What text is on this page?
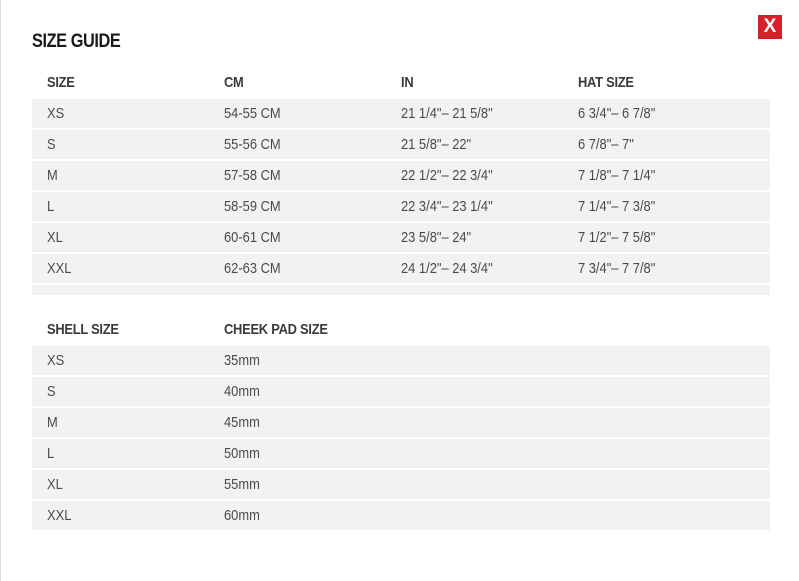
X
SIZE GUIDE
SIZE	CM	IN	HAT SIZE
XS	54-55 CM	21 1/4"– 21 5/8"	6 3/4"– 6 7/8"
S	55-56 CM	21 5/8"– 22"	6 7/8"– 7"
M	57-58 CM	22 1/2"– 22 3/4"	7 1/8"– 7 1/4"
L	58-59 CM	22 3/4"– 23 1/4"	7 1/4"– 7 3/8"
XL	60-61 CM	23 5/8"– 24"	7 1/2"– 7 5/8"
XXL	62-63 CM	24 1/2"– 24 3/4"	7 3/4"– 7 7/8"
SHELL SIZE	CHEEK PAD SIZE
XS	35mm
S	40mm
M	45mm
L	50mm
XL	55mm
XXL	60mm
